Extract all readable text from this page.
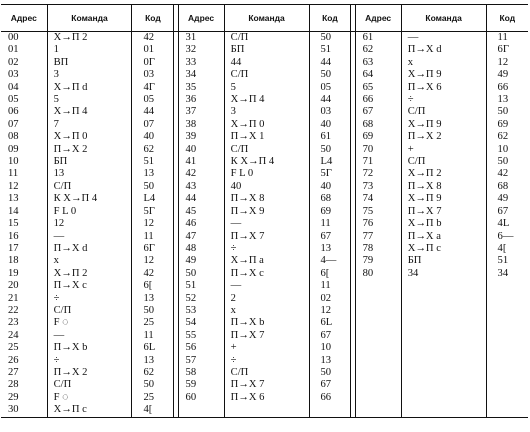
Адрес	Команда	Код		Адрес	Команда	Код		Адрес	Команда	Код
00	Х→П 2	42		31	С/П	50		61	—	11
01	1	01		32	БП	51		62	П→Х d	6Г
02	ВП	0Г		33	44	44		63	x	12
03	3	03		34	С/П	50		64	Х→П 9	49
04	Х→П d	4Г		35	5	05		65	П→Х 6	66
05	5	05		36	Х→П 4	44		66	÷	13
06	Х→П 4	44		37	3	03		67	С/П	50
07	7	07		38	Х→П 0	40		68	Х→П 9	69
08	Х→П 0	40		39	П→Х 1	61		69	П→Х 2	62
09	П→Х 2	62		40	С/П	50		70	+	10
10	БП	51		41	К Х→П 4	L4		71	С/П	50
11	13	13		42	F L 0	5Г		72	Х→П 2	42
12	С/П	50		43	40	40		73	П→Х 8	68
13	К Х→П 4	L4		44	П→Х 8	68		74	Х→П 9	49
14	F L 0	5Г		45	П→Х 9	69		75	П→Х 7	67
15	12	12		46	—	11		76	Х→П b	4L
16	—	11		47	П→Х 7	67		77	П→Х a	6—
17	П→Х d	6Г		48	÷	13		78	Х→П с	4[
18	x	12		49	Х→П a	4—		79	БП	51
19	Х→П 2	42		50	П→Х с	6[		80	34	34
20	П→Х с	6[		51	—	11				
21	÷	13		52	2	02				
22	С/П	50		53	x	12				
23	F ◌	25		54	П→Х b	6L				
24	—	11		55	П→Х 7	67				
25	П→Х b	6L		56	+	10				
26	÷	13		57	÷	13				
27	П→Х 2	62		58	С/П	50				
28	С/П	50		59	П→Х 7	67				
29	F ◌	25		60	П→Х 6	66				
30	Х→П с	4[								
